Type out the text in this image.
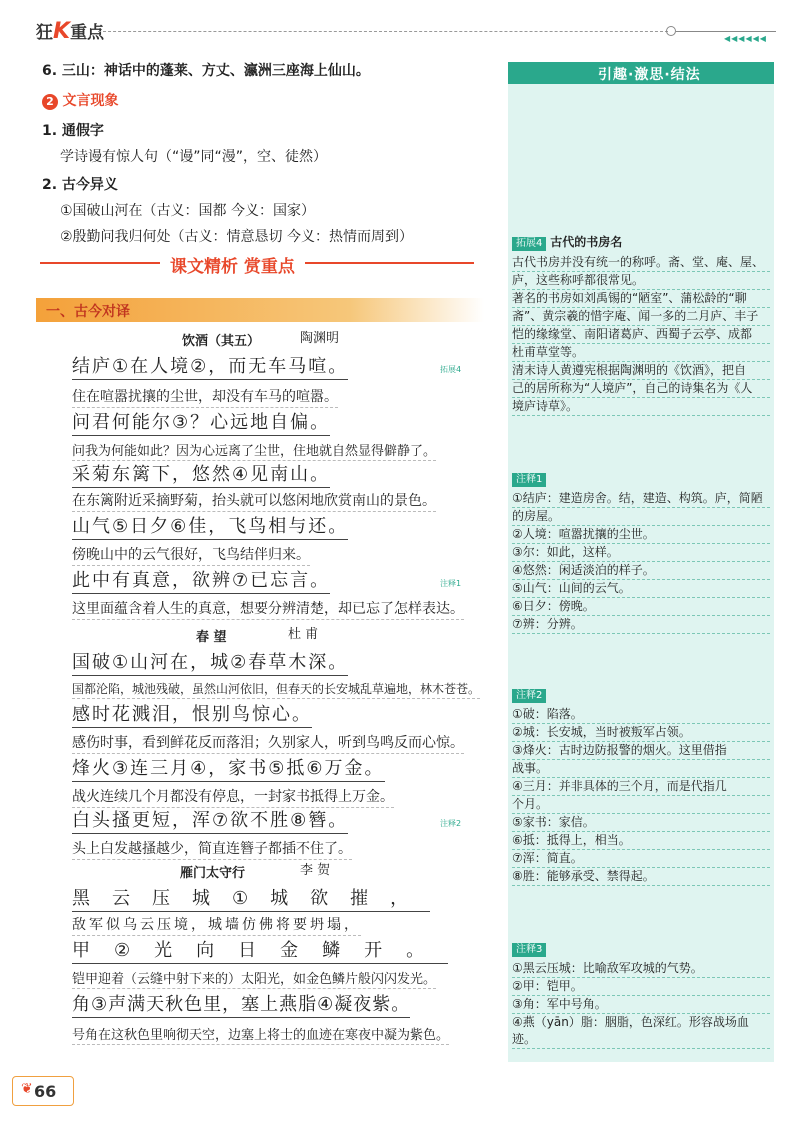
狂K重点	◀◀◀◀◀◀
6. 三山：神话中的蓬莱、方丈、瀛洲三座海上仙山。
2 文言现象
1. 通假字
学诗谩有惊人句（“谩”同“漫”，空、徒然）
2. 古今异义
①国破山河在（古义：国都 今义：国家）
②殷勤问我归何处（古义：情意恳切 今义：热情而周到）
课文精析 赏重点
一、古今对译
饮酒（其五）	陶渊明
结庐①在人境②，而无车马喧。	拓展4
住在喧嚣扰攘的尘世，却没有车马的喧嚣。
问君何能尔③？心远地自偏。
问我为何能如此？因为心远离了尘世，住地就自然显得僻静了。
采菊东篱下，悠然④见南山。
在东篱附近采摘野菊，抬头就可以悠闲地欣赏南山的景色。
山气⑤日夕⑥佳，飞鸟相与还。
傍晚山中的云气很好，飞鸟结伴归来。
此中有真意，欲辨⑦已忘言。	注释1
这里面蕴含着人生的真意，想要分辨清楚，却已忘了怎样表达。
春 望	杜 甫
国破①山河在，城②春草木深。
国都沦陷，城池残破，虽然山河依旧，但春天的长安城乱草遍地，林木苍苍。
感时花溅泪，恨别鸟惊心。
感伤时事，看到鲜花反而落泪；久别家人，听到鸟鸣反而心惊。
烽火③连三月④，家书⑤抵⑥万金。
战火连续几个月都没有停息，一封家书抵得上万金。
白头搔更短，浑⑦欲不胜⑧簪。	注释2
头上白发越搔越少，简直连簪子都插不住了。
雁门太守行	李 贺
黑云压城①城欲摧，
敌军似乌云压境，城墙仿佛将要坍塌，
甲②光向日金鳞开。
铠甲迎着（云缝中射下来的）太阳光，如金色鳞片般闪闪发光。
角③声满天秋色里，塞上燕脂④凝夜紫。
号角在这秋色里响彻天空，边塞上将士的血迹在寒夜中凝为紫色。
❦ 66
引趣·激思·结法
拓展4 古代的书房名
古代书房并没有统一的称呼。斋、堂、庵、屋、
庐，这些称呼都很常见。
著名的书房如刘禹锡的“陋室”、蒲松龄的“聊
斋”、黄宗羲的惜字庵、闻一多的二月庐、丰子
恺的缘缘堂、南阳诸葛庐、西蜀子云亭、成都
杜甫草堂等。
清末诗人黄遵宪根据陶渊明的《饮酒》，把自
己的居所称为“人境庐”，自己的诗集名为《人
境庐诗草》。
注释1
①结庐：建造房舍。结，建造、构筑。庐，简陋
的房屋。
②人境：喧嚣扰攘的尘世。
③尔：如此，这样。
④悠然：闲适淡泊的样子。
⑤山气：山间的云气。
⑥日夕：傍晚。
⑦辨：分辨。
注释2
①破：陷落。
②城：长安城，当时被叛军占领。
③烽火：古时边防报警的烟火。这里借指
战事。
④三月：并非具体的三个月，而是代指几
个月。
⑤家书：家信。
⑥抵：抵得上，相当。
⑦浑：简直。
⑧胜：能够承受、禁得起。
注释3
①黑云压城：比喻敌军攻城的气势。
②甲：铠甲。
③角：军中号角。
④燕（yān）脂：胭脂，色深红。形容战场血迹。
